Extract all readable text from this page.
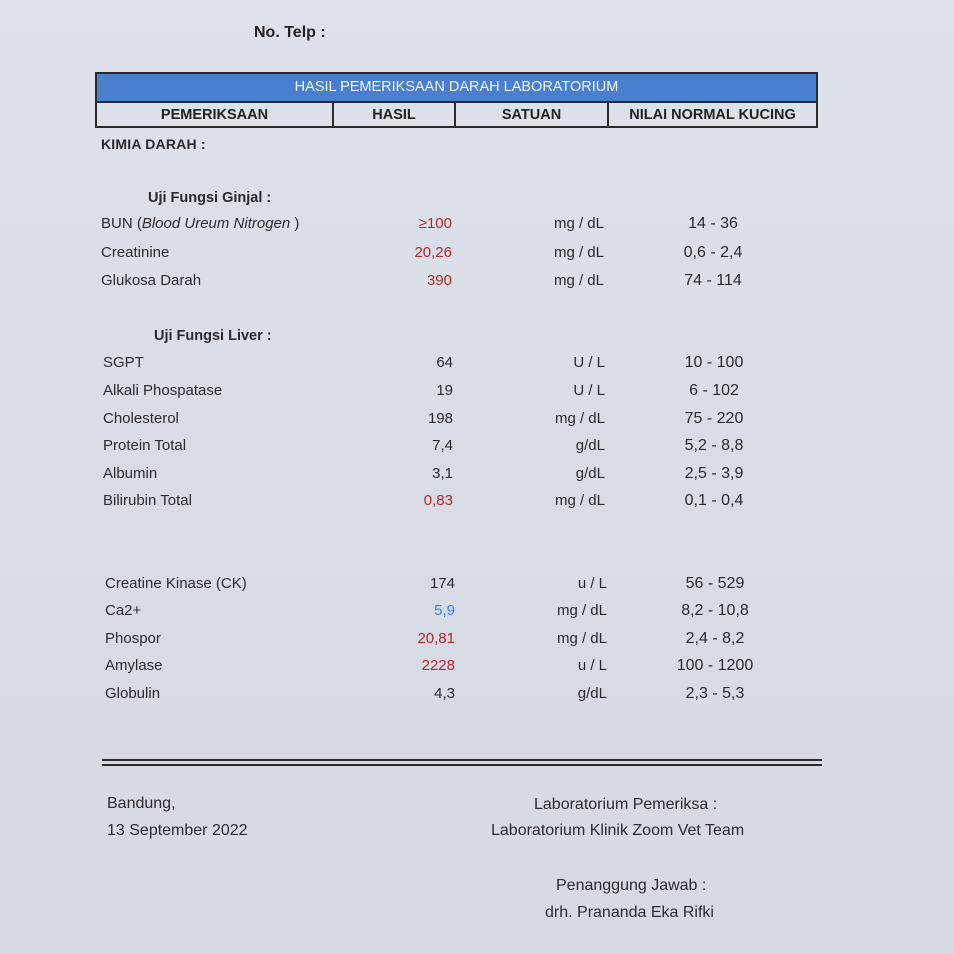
No. Telp :
HASIL PEMERIKSAAN DARAH LABORATORIUM
PEMERIKSAAN	HASIL	SATUAN	NILAI NORMAL KUCING
KIMIA DARAH :
Uji Fungsi Ginjal :
BUN (Blood Ureum Nitrogen )	≥100	mg / dL	14 - 36
Creatinine	20,26	mg / dL	0,6 - 2,4
Glukosa Darah	390	mg / dL	74 - 114
Uji Fungsi Liver :
SGPT	64	U / L	10 - 100
Alkali Phospatase	19	U / L	6 - 102
Cholesterol	198	mg / dL	75 - 220
Protein Total	7,4	g/dL	5,2 - 8,8
Albumin	3,1	g/dL	2,5 - 3,9
Bilirubin Total	0,83	mg / dL	0,1 - 0,4
Creatine Kinase (CK)	174	u / L	56 - 529
Ca2+	5,9	mg / dL	8,2 - 10,8
Phospor	20,81	mg / dL	2,4 - 8,2
Amylase	2228	u / L	100 - 1200
Globulin	4,3	g/dL	2,3 - 5,3
Bandung,
13 September 2022
Laboratorium Pemeriksa :
Laboratorium Klinik Zoom Vet Team
Penanggung Jawab :
drh. Prananda Eka Rifki
